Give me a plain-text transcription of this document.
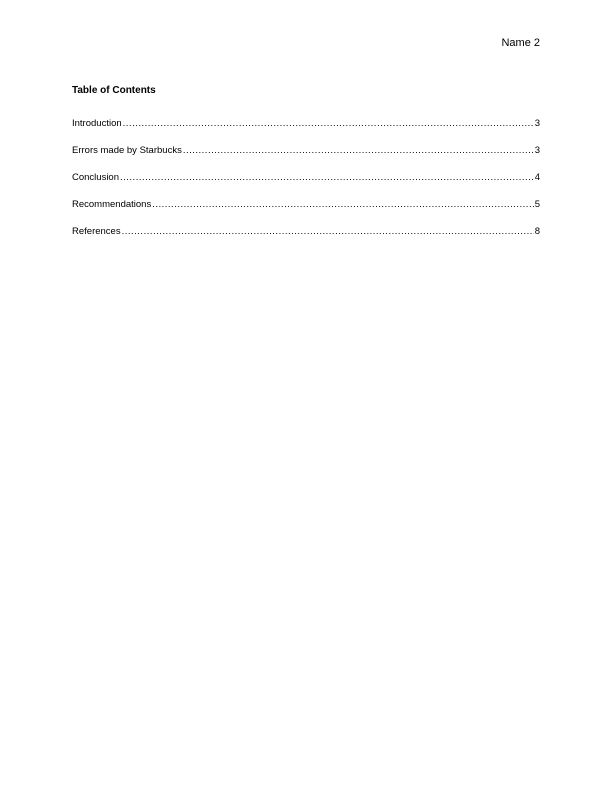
Name 2
Table of Contents
Introduction .....	3
Errors made by Starbucks .....	3
Conclusion .....	4
Recommendations .....	5
References .....	8
